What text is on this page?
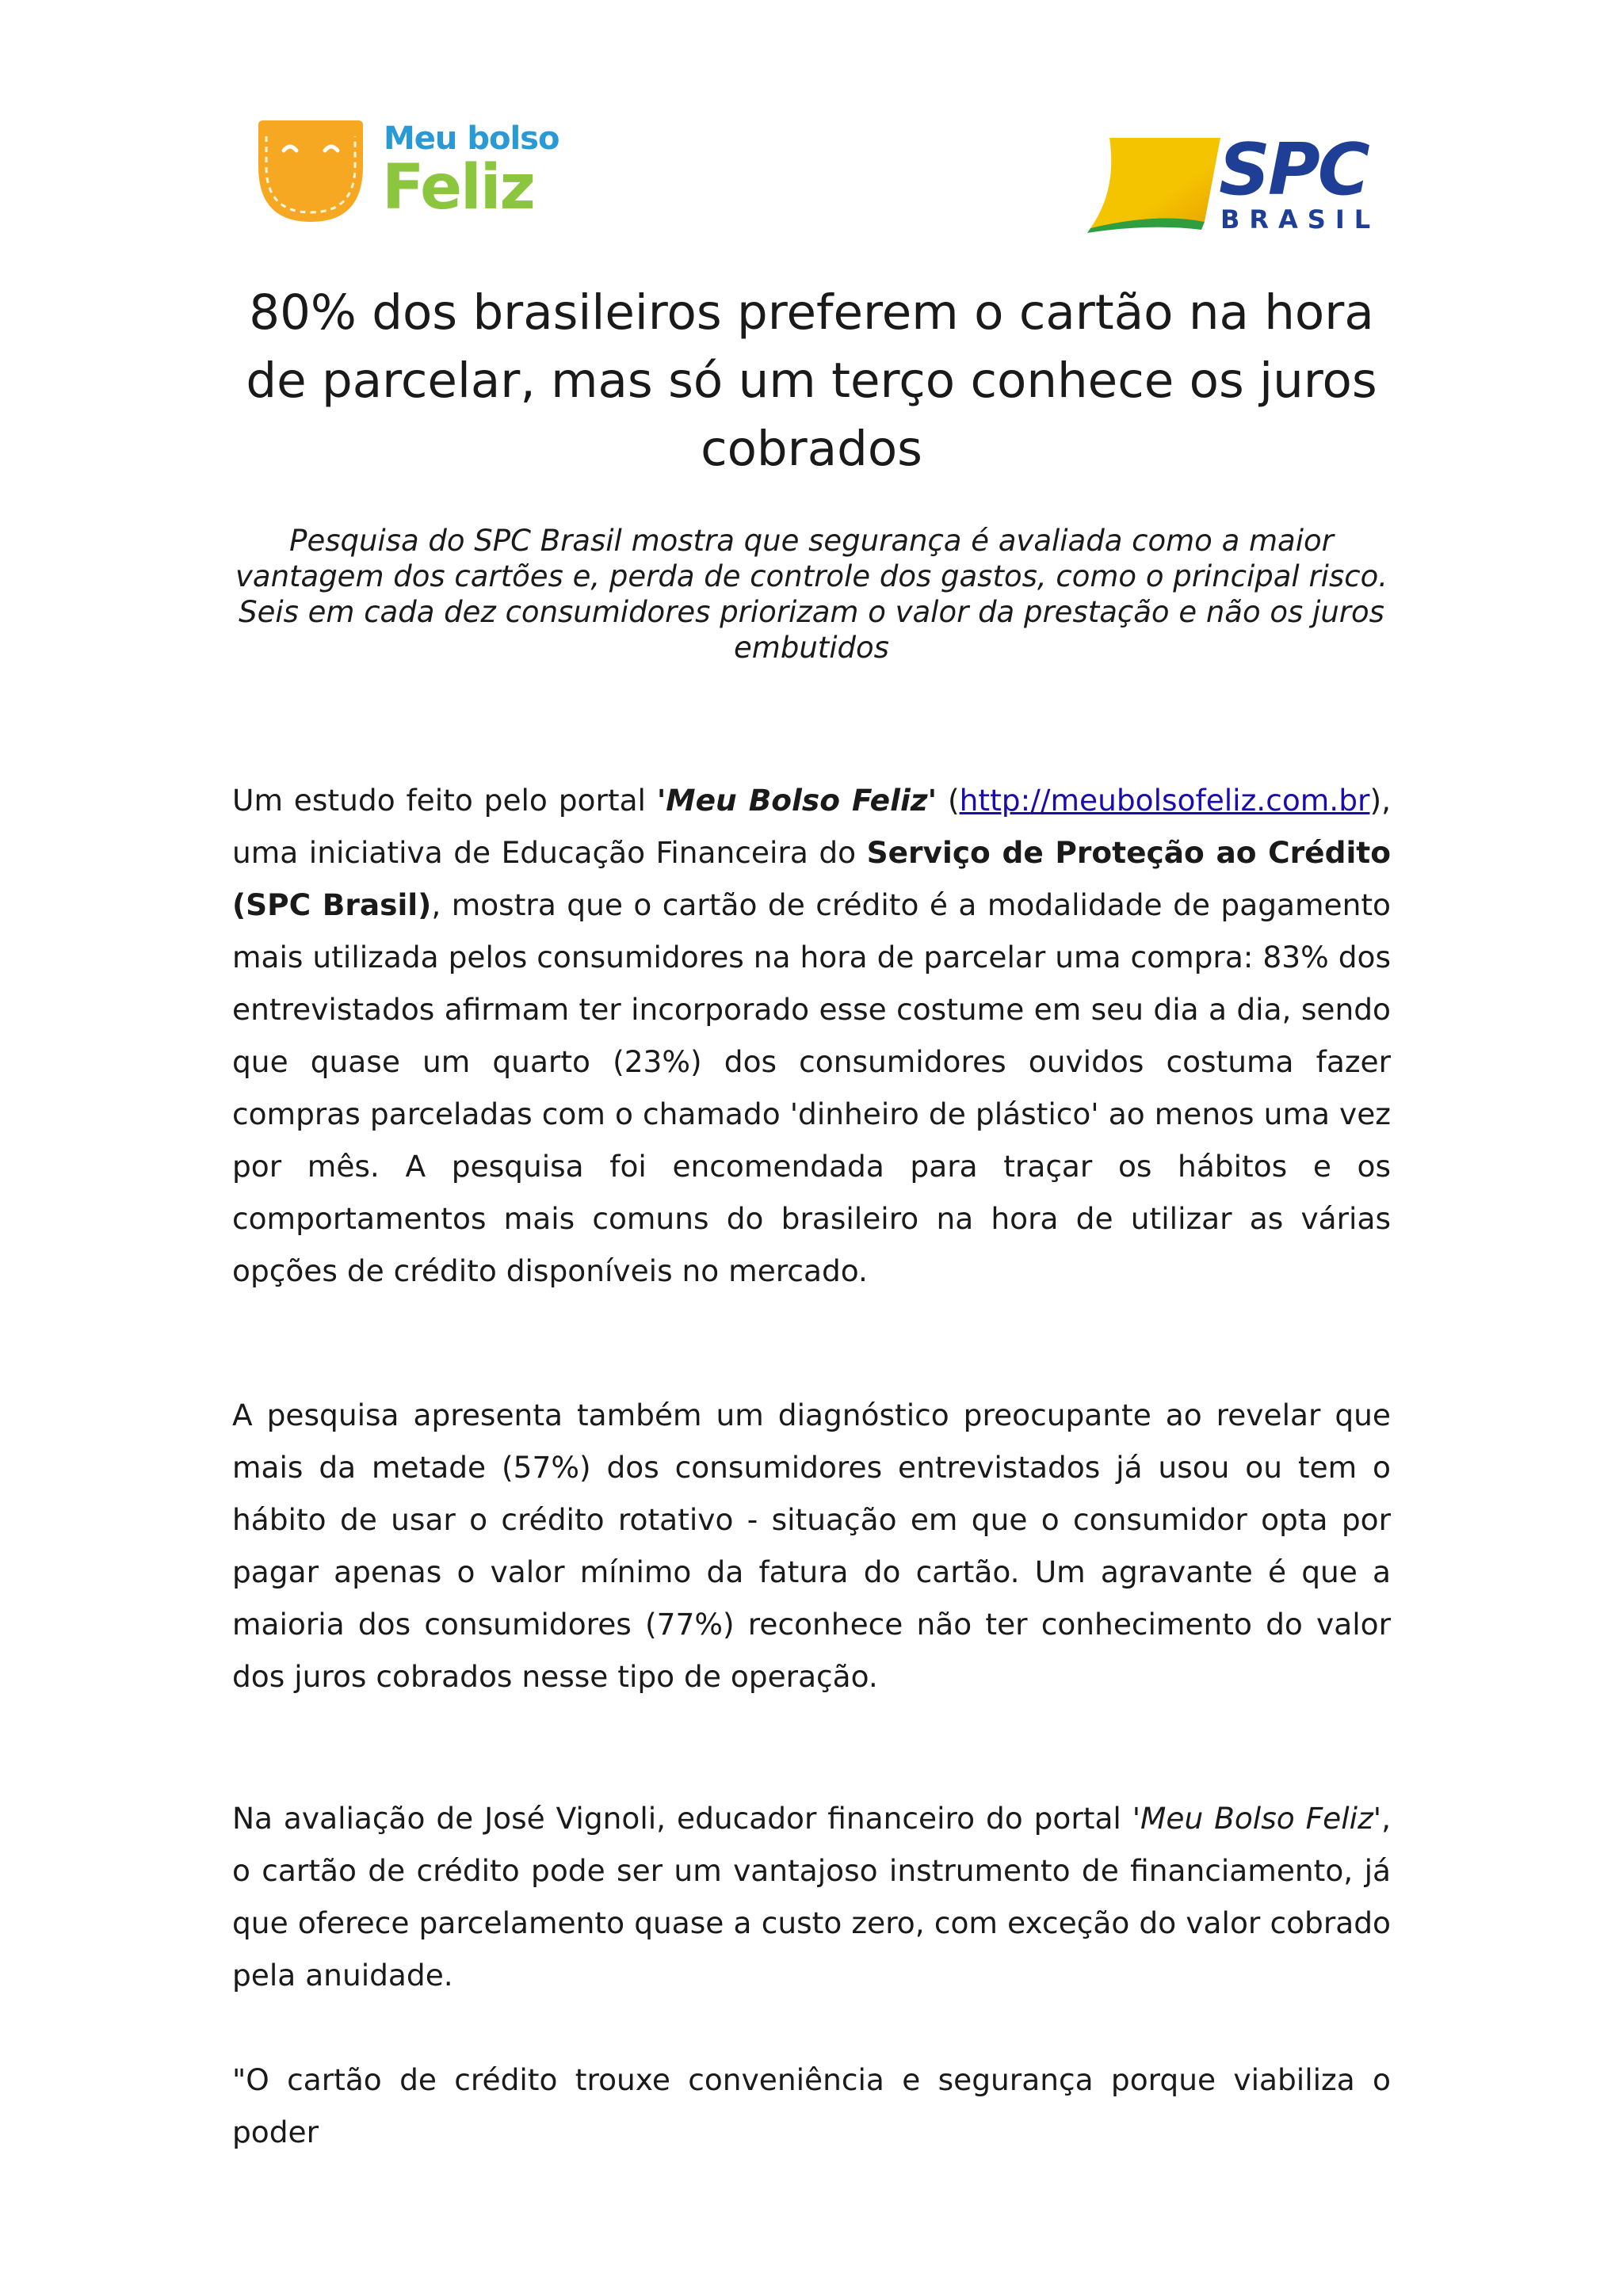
Meu bolso
Feliz	SPC
BRASIL
80% dos brasileiros preferem o cartão na hora de parcelar, mas só um terço conhece os juros cobrados

Pesquisa do SPC Brasil mostra que segurança é avaliada como a maior vantagem dos cartões e, perda de controle dos gastos, como o principal risco. Seis em cada dez consumidores priorizam o valor da prestação e não os juros embutidos

Um estudo feito pelo portal 'Meu Bolso Feliz' (http://meubolsofeliz.com.br), uma iniciativa de Educação Financeira do Serviço de Proteção ao Crédito (SPC Brasil), mostra que o cartão de crédito é a modalidade de pagamento mais utilizada pelos consumidores na hora de parcelar uma compra: 83% dos entrevistados afirmam ter incorporado esse costume em seu dia a dia, sendo que quase um quarto (23%) dos consumidores ouvidos costuma fazer compras parceladas com o chamado 'dinheiro de plástico' ao menos uma vez por mês. A pesquisa foi encomendada para traçar os hábitos e os comportamentos mais comuns do brasileiro na hora de utilizar as várias opções de crédito disponíveis no mercado.

A pesquisa apresenta também um diagnóstico preocupante ao revelar que mais da metade (57%) dos consumidores entrevistados já usou ou tem o hábito de usar o crédito rotativo - situação em que o consumidor opta por pagar apenas o valor mínimo da fatura do cartão. Um agravante é que a maioria dos consumidores (77%) reconhece não ter conhecimento do valor dos juros cobrados nesse tipo de operação.

Na avaliação de José Vignoli, educador financeiro do portal 'Meu Bolso Feliz', o cartão de crédito pode ser um vantajoso instrumento de financiamento, já que oferece parcelamento quase a custo zero, com exceção do valor cobrado pela anuidade.

"O cartão de crédito trouxe conveniência e segurança porque viabiliza o poder
